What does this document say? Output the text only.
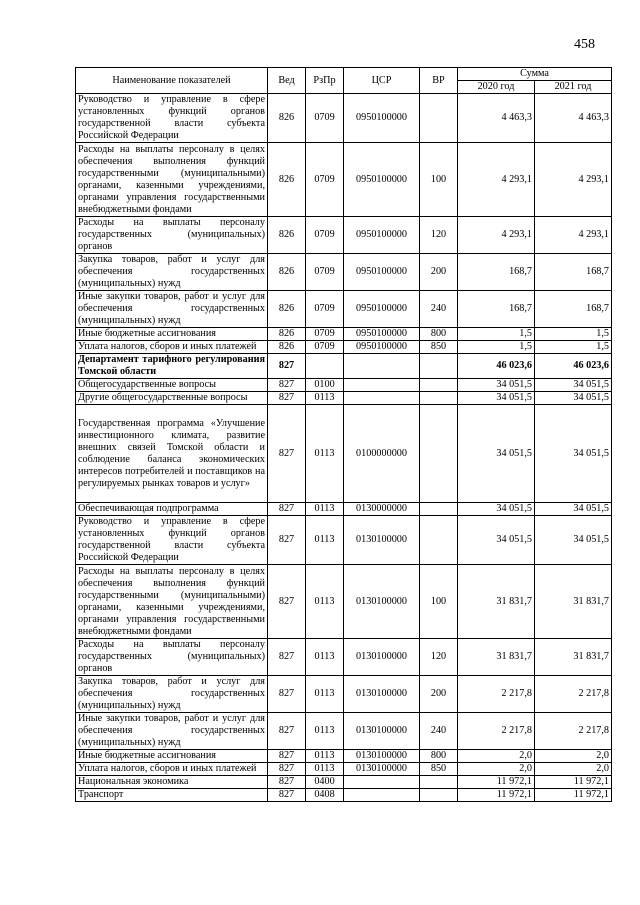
458
Наименование показателей	Вед	РзПр	ЦСР	ВР	Сумма	
					2020 год	2021 год
Руководство и управление в сфере установленных функций органов государственной власти субъекта Российской Федерации	826	0709	0950100000		4 463,3	4 463,3
Расходы на выплаты персоналу в целях обеспечения выполнения функций государственными (муниципальными) органами, казенными учреждениями, органами управления государственными внебюджетными фондами	826	0709	0950100000	100	4 293,1	4 293,1
Расходы на выплаты персоналу государственных (муниципальных) органов	826	0709	0950100000	120	4 293,1	4 293,1
Закупка товаров, работ и услуг для обеспечения государственных (муниципальных) нужд	826	0709	0950100000	200	168,7	168,7
Иные закупки товаров, работ и услуг для обеспечения государственных (муниципальных) нужд	826	0709	0950100000	240	168,7	168,7
Иные бюджетные ассигнования	826	0709	0950100000	800	1,5	1,5
Уплата налогов, сборов и иных платежей	826	0709	0950100000	850	1,5	1,5
Департамент тарифного регулирования Томской области	827				46 023,6	46 023,6
Общегосударственные вопросы	827	0100			34 051,5	34 051,5
Другие общегосударственные вопросы	827	0113			34 051,5	34 051,5
Государственная программа «Улучшение инвестиционного климата, развитие внешних связей Томской области и соблюдение баланса экономических интересов потребителей и поставщиков на регулируемых рынках товаров и услуг»	827	0113	0100000000		34 051,5	34 051,5
Обеспечивающая подпрограмма	827	0113	0130000000		34 051,5	34 051,5
Руководство и управление в сфере установленных функций органов государственной власти субъекта Российской Федерации	827	0113	0130100000		34 051,5	34 051,5
Расходы на выплаты персоналу в целях обеспечения выполнения функций государственными (муниципальными) органами, казенными учреждениями, органами управления государственными внебюджетными фондами	827	0113	0130100000	100	31 831,7	31 831,7
Расходы на выплаты персоналу государственных (муниципальных) органов	827	0113	0130100000	120	31 831,7	31 831,7
Закупка товаров, работ и услуг для обеспечения государственных (муниципальных) нужд	827	0113	0130100000	200	2 217,8	2 217,8
Иные закупки товаров, работ и услуг для обеспечения государственных (муниципальных) нужд	827	0113	0130100000	240	2 217,8	2 217,8
Иные бюджетные ассигнования	827	0113	0130100000	800	2,0	2,0
Уплата налогов, сборов и иных платежей	827	0113	0130100000	850	2,0	2,0
Национальная экономика	827	0400			11 972,1	11 972,1
Транспорт	827	0408			11 972,1	11 972,1
